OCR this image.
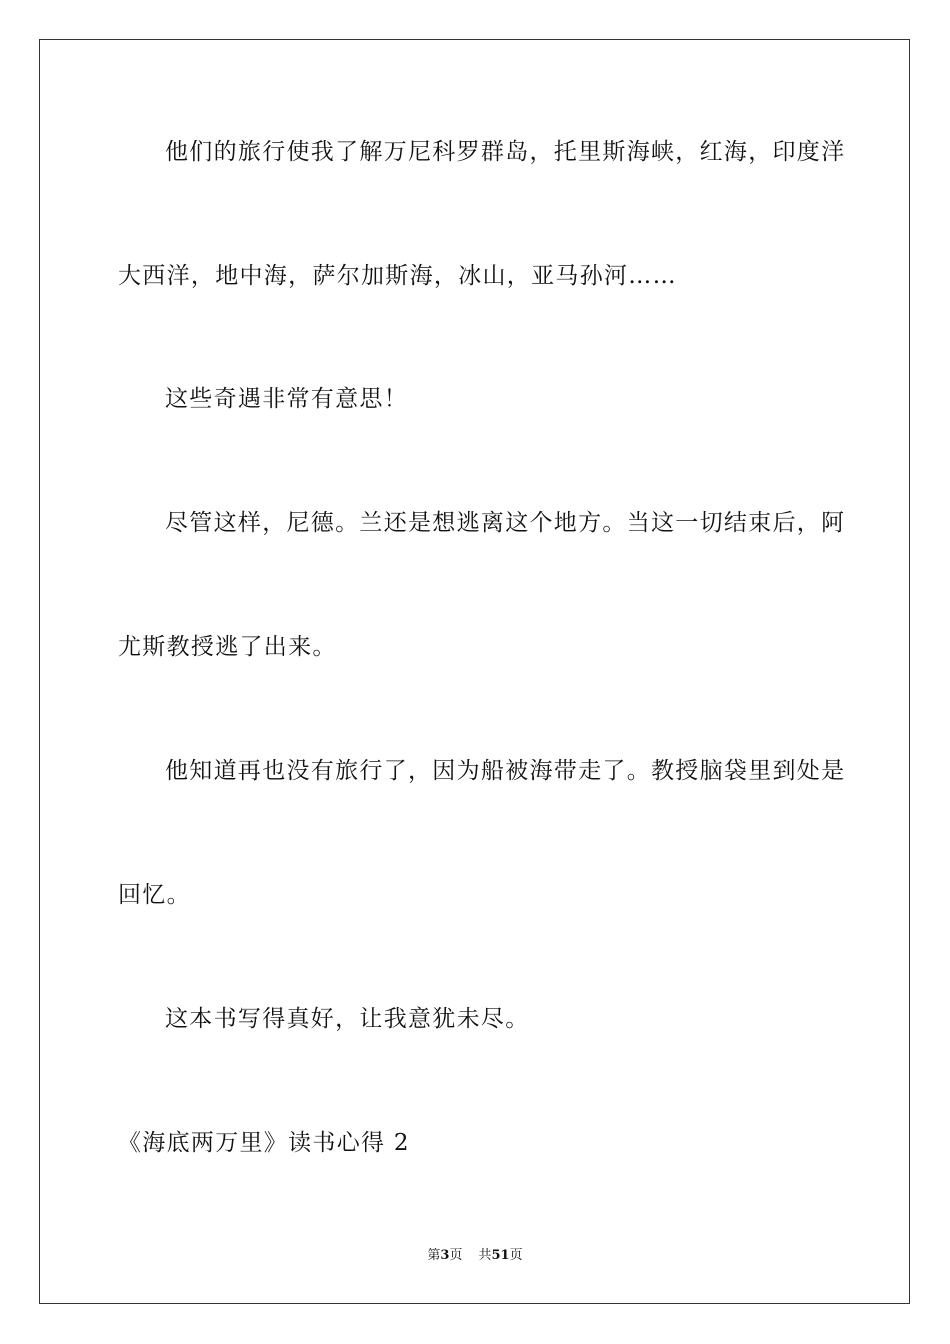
他们的旅行使我了解万尼科罗群岛，托里斯海峡，红海，印度洋
大西洋，地中海，萨尔加斯海，冰山，亚马孙河……
这些奇遇非常有意思！
尽管这样，尼德。兰还是想逃离这个地方。当这一切结束后，阿
尤斯教授逃了出来。
他知道再也没有旅行了，因为船被海带走了。教授脑袋里到处是
回忆。
这本书写得真好，让我意犹未尽。
《海底两万里》读书心得 2
第3页 共51页
